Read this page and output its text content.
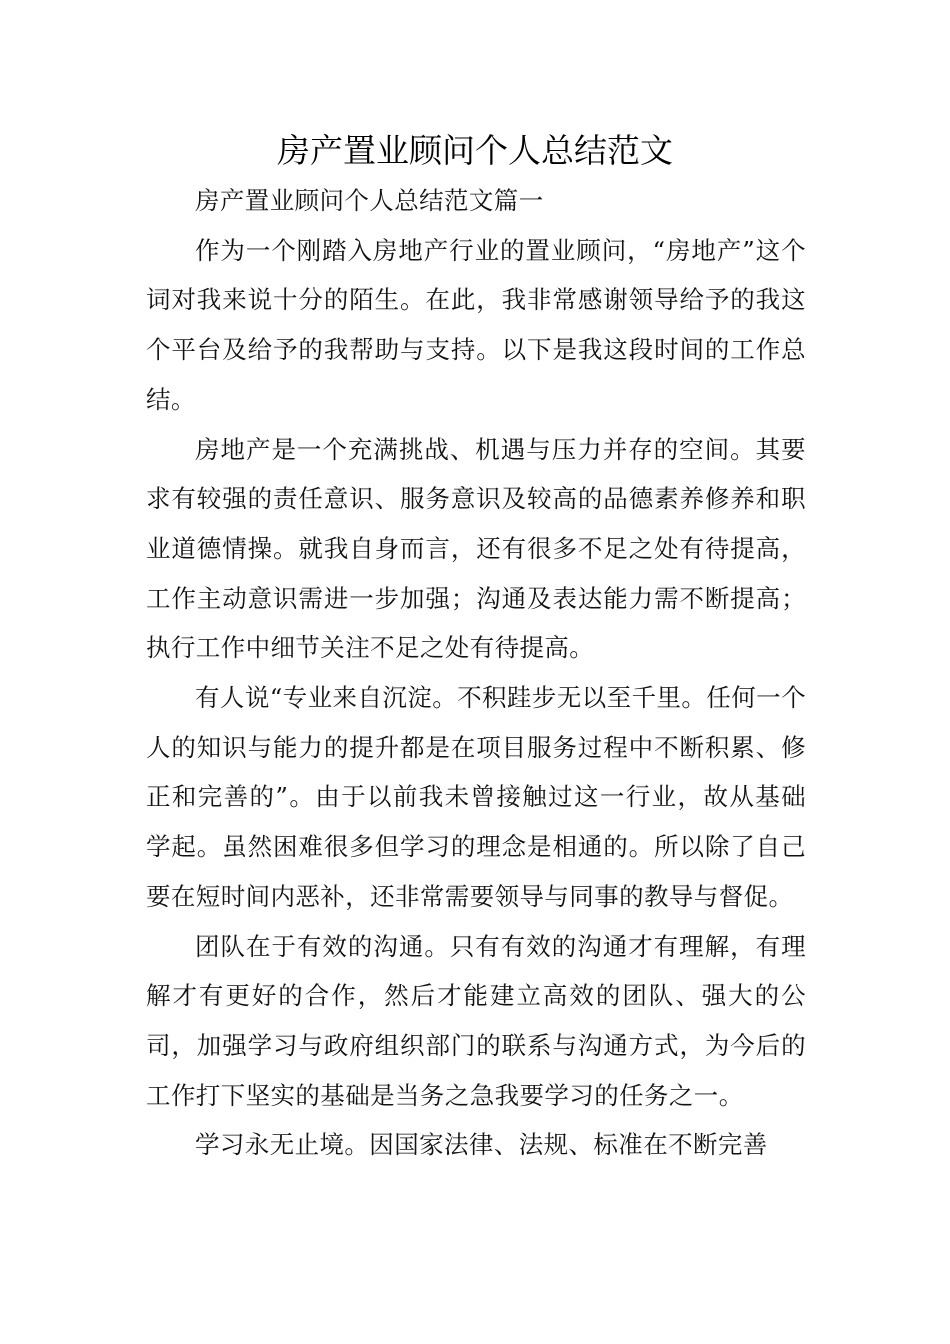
房产置业顾问个人总结范文

房产置业顾问个人总结范文篇一

作为一个刚踏入房地产行业的置业顾问，“房地产”这个词对我来说十分的陌生。在此，我非常感谢领导给予的我这个平台及给予的我帮助与支持。以下是我这段时间的工作总结。

房地产是一个充满挑战、机遇与压力并存的空间。其要求有较强的责任意识、服务意识及较高的品德素养修养和职业道德情操。就我自身而言，还有很多不足之处有待提高，工作主动意识需进一步加强；沟通及表达能力需不断提高；执行工作中细节关注不足之处有待提高。

有人说“专业来自沉淀。不积跬步无以至千里。任何一个人的知识与能力的提升都是在项目服务过程中不断积累、修正和完善的”。由于以前我未曾接触过这一行业，故从基础学起。虽然困难很多但学习的理念是相通的。所以除了自己要在短时间内恶补，还非常需要领导与同事的教导与督促。

团队在于有效的沟通。只有有效的沟通才有理解，有理解才有更好的合作，然后才能建立高效的团队、强大的公司，加强学习与政府组织部门的联系与沟通方式，为今后的工作打下坚实的基础是当务之急我要学习的任务之一。

学习永无止境。因国家法律、法规、标准在不断完善
